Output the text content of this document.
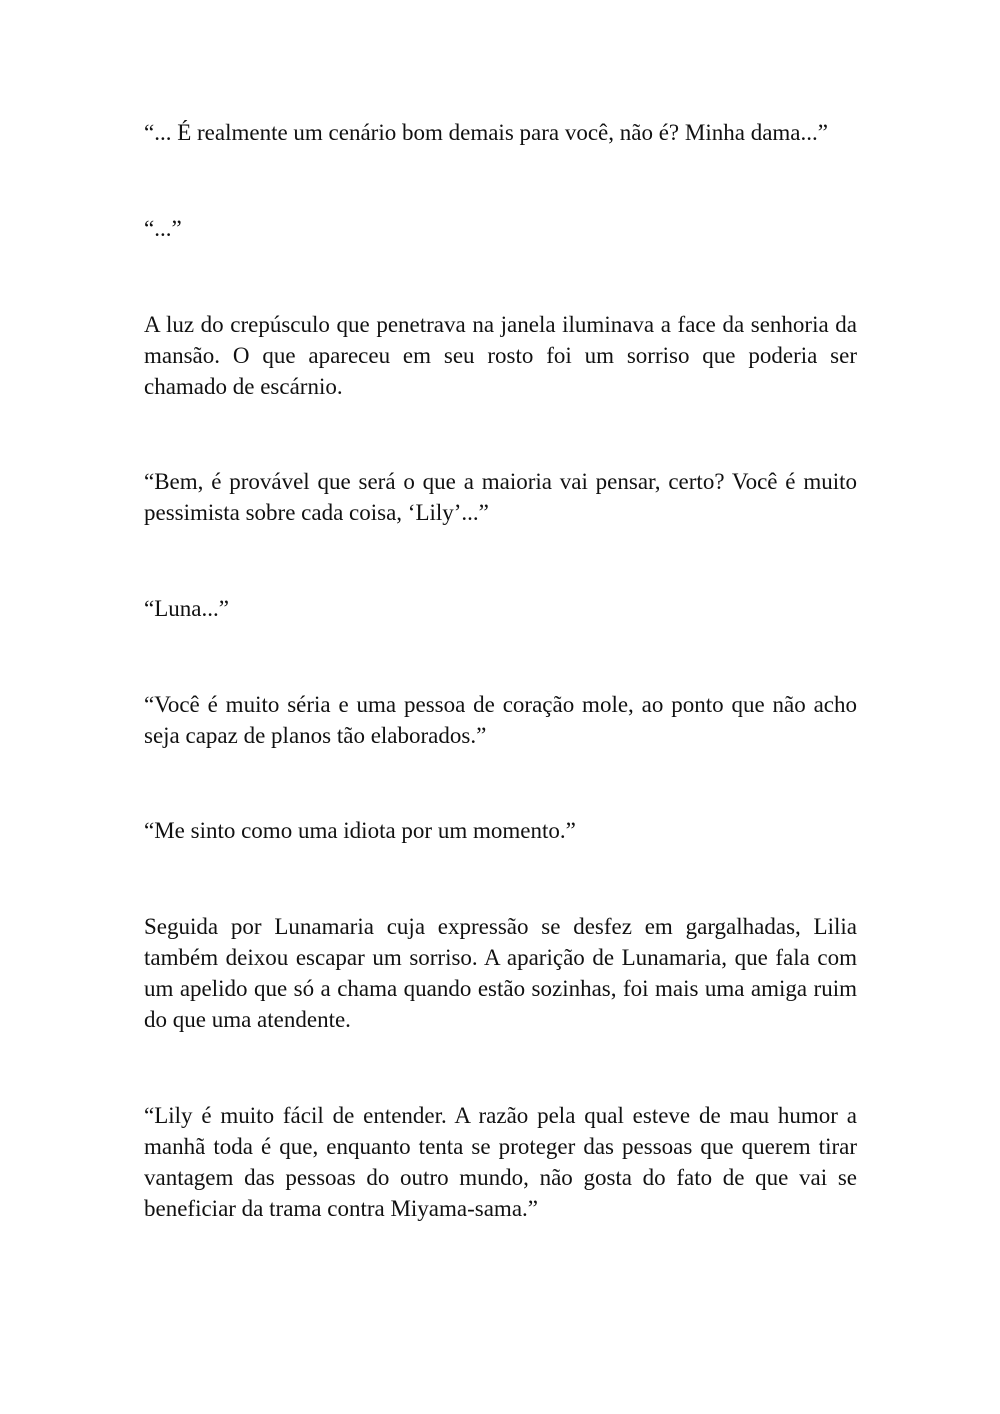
“... É realmente um cenário bom demais para você, não é? Minha dama...”

“...”

A luz do crepúsculo que penetrava na janela iluminava a face da senhoria da mansão. O que apareceu em seu rosto foi um sorriso que poderia ser chamado de escárnio.

“Bem, é provável que será o que a maioria vai pensar, certo? Você é muito pessimista sobre cada coisa, ‘Lily’...”

“Luna...”

“Você é muito séria e uma pessoa de coração mole, ao ponto que não acho seja capaz de planos tão elaborados.”

“Me sinto como uma idiota por um momento.”

Seguida por Lunamaria cuja expressão se desfez em gargalhadas, Lilia também deixou escapar um sorriso. A aparição de Lunamaria, que fala com um apelido que só a chama quando estão sozinhas, foi mais uma amiga ruim do que uma atendente.

“Lily é muito fácil de entender. A razão pela qual esteve de mau humor a manhã toda é que, enquanto tenta se proteger das pessoas que querem tirar vantagem das pessoas do outro mundo, não gosta do fato de que vai se beneficiar da trama contra Miyama-sama.”
